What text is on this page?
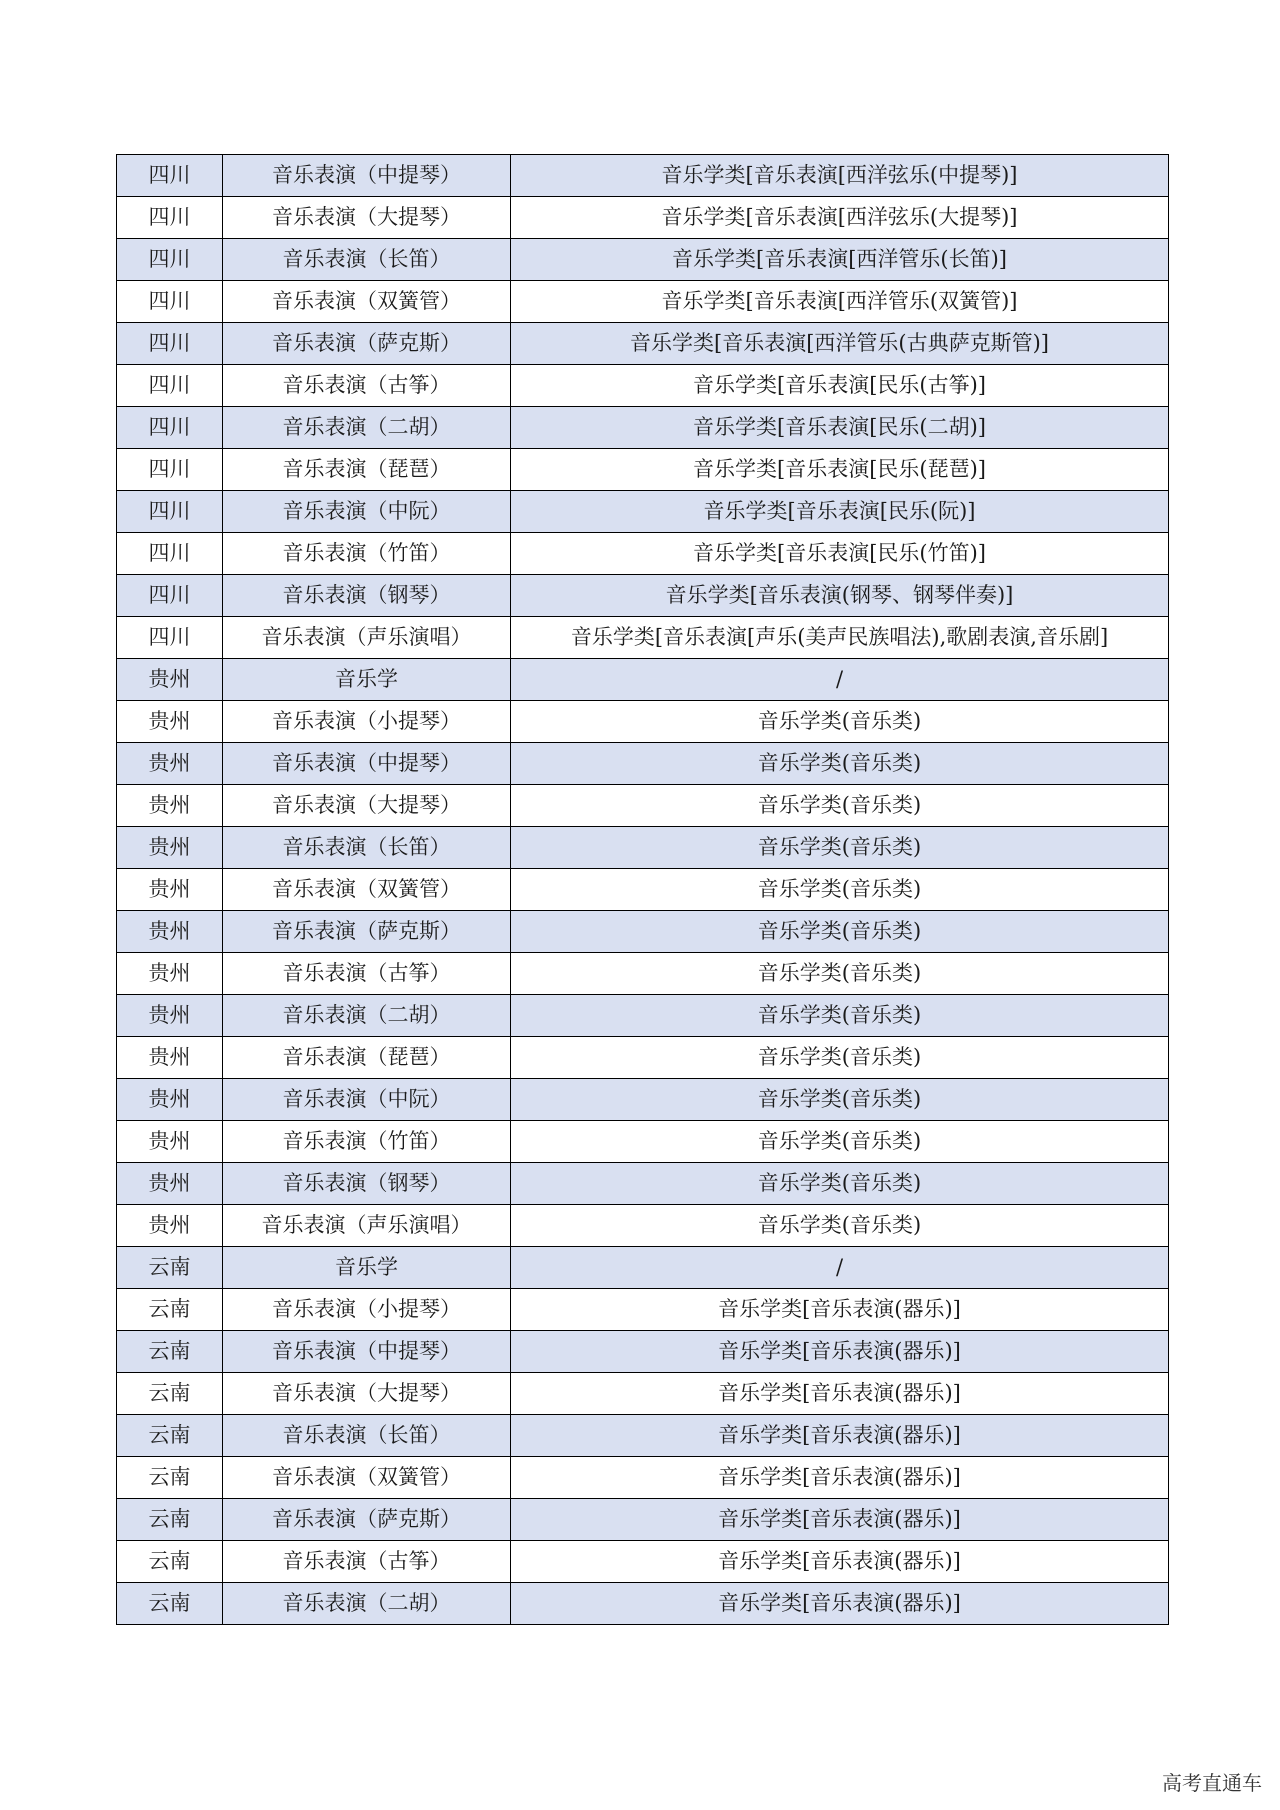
四川	音乐表演（中提琴）	音乐学类[音乐表演[西洋弦乐(中提琴)]
四川	音乐表演（大提琴）	音乐学类[音乐表演[西洋弦乐(大提琴)]
四川	音乐表演（长笛）	音乐学类[音乐表演[西洋管乐(长笛)]
四川	音乐表演（双簧管）	音乐学类[音乐表演[西洋管乐(双簧管)]
四川	音乐表演（萨克斯）	音乐学类[音乐表演[西洋管乐(古典萨克斯管)]
四川	音乐表演（古筝）	音乐学类[音乐表演[民乐(古筝)]
四川	音乐表演（二胡）	音乐学类[音乐表演[民乐(二胡)]
四川	音乐表演（琵琶）	音乐学类[音乐表演[民乐(琵琶)]
四川	音乐表演（中阮）	音乐学类[音乐表演[民乐(阮)]
四川	音乐表演（竹笛）	音乐学类[音乐表演[民乐(竹笛)]
四川	音乐表演（钢琴）	音乐学类[音乐表演(钢琴、钢琴伴奏)]
四川	音乐表演（声乐演唱）	音乐学类[音乐表演[声乐(美声民族唱法),歌剧表演,音乐剧]
贵州	音乐学	/
贵州	音乐表演（小提琴）	音乐学类(音乐类)
贵州	音乐表演（中提琴）	音乐学类(音乐类)
贵州	音乐表演（大提琴）	音乐学类(音乐类)
贵州	音乐表演（长笛）	音乐学类(音乐类)
贵州	音乐表演（双簧管）	音乐学类(音乐类)
贵州	音乐表演（萨克斯）	音乐学类(音乐类)
贵州	音乐表演（古筝）	音乐学类(音乐类)
贵州	音乐表演（二胡）	音乐学类(音乐类)
贵州	音乐表演（琵琶）	音乐学类(音乐类)
贵州	音乐表演（中阮）	音乐学类(音乐类)
贵州	音乐表演（竹笛）	音乐学类(音乐类)
贵州	音乐表演（钢琴）	音乐学类(音乐类)
贵州	音乐表演（声乐演唱）	音乐学类(音乐类)
云南	音乐学	/
云南	音乐表演（小提琴）	音乐学类[音乐表演(器乐)]
云南	音乐表演（中提琴）	音乐学类[音乐表演(器乐)]
云南	音乐表演（大提琴）	音乐学类[音乐表演(器乐)]
云南	音乐表演（长笛）	音乐学类[音乐表演(器乐)]
云南	音乐表演（双簧管）	音乐学类[音乐表演(器乐)]
云南	音乐表演（萨克斯）	音乐学类[音乐表演(器乐)]
云南	音乐表演（古筝）	音乐学类[音乐表演(器乐)]
云南	音乐表演（二胡）	音乐学类[音乐表演(器乐)]
高考直通车
